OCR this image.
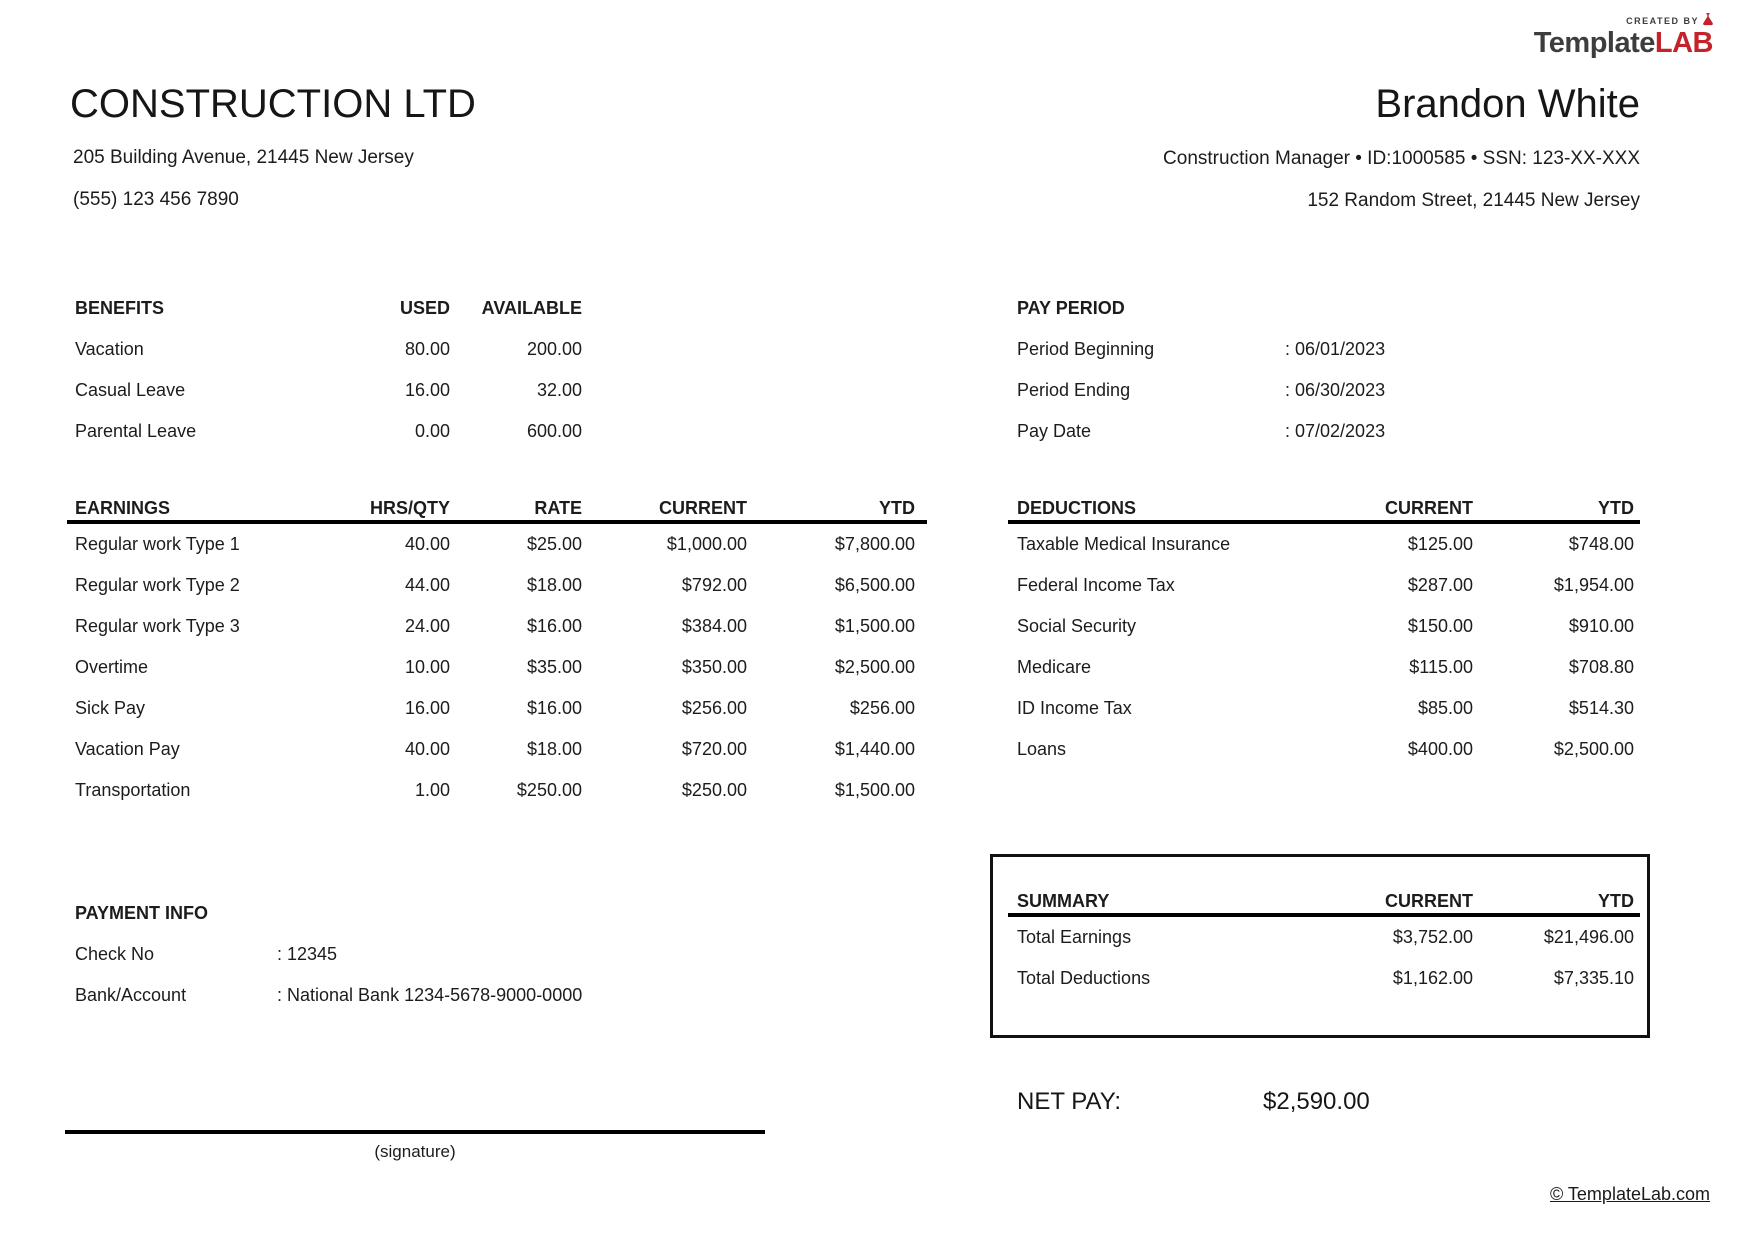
CREATED BY
TemplateLAB
CONSTRUCTION LTD
205 Building Avenue, 21445 New Jersey
(555) 123 456 7890
Brandon White
Construction Manager • ID:1000585 • SSN: 123-XX-XXX
152 Random Street, 21445 New Jersey
BENEFITS	USED	AVAILABLE
Vacation	80.00	200.00
Casual Leave	16.00	32.00
Parental Leave	0.00	600.00
PAY PERIOD
Period Beginning	: 06/01/2023
Period Ending	: 06/30/2023
Pay Date	: 07/02/2023
EARNINGS	HRS/QTY	RATE	CURRENT	YTD
Regular work Type 1	40.00	$25.00	$1,000.00	$7,800.00
Regular work Type 2	44.00	$18.00	$792.00	$6,500.00
Regular work Type 3	24.00	$16.00	$384.00	$1,500.00
Overtime	10.00	$35.00	$350.00	$2,500.00
Sick Pay	16.00	$16.00	$256.00	$256.00
Vacation Pay	40.00	$18.00	$720.00	$1,440.00
Transportation	1.00	$250.00	$250.00	$1,500.00
DEDUCTIONS	CURRENT	YTD
Taxable Medical Insurance	$125.00	$748.00
Federal Income Tax	$287.00	$1,954.00
Social Security	$150.00	$910.00
Medicare	$115.00	$708.80
ID Income Tax	$85.00	$514.30
Loans	$400.00	$2,500.00
PAYMENT INFO
Check No	: 12345
Bank/Account	: National Bank 1234-5678-9000-0000
SUMMARY	CURRENT	YTD
Total Earnings	$3,752.00	$21,496.00
Total Deductions	$1,162.00	$7,335.10
NET PAY:	$2,590.00
(signature)
© TemplateLab.com
